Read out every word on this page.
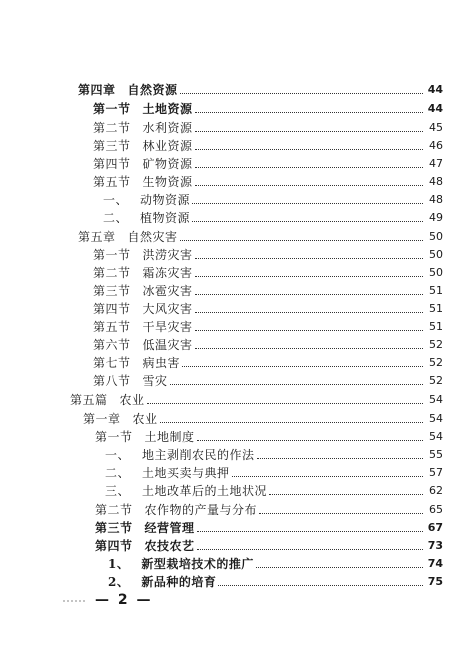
第四章 自然资源	44
第一节 土地资源	44
第二节 水利资源	45
第三节 林业资源	46
第四节 矿物资源	47
第五节 生物资源	48
一、 动物资源	48
二、 植物资源	49
第五章 自然灾害	50
第一节 洪涝灾害	50
第二节 霜冻灾害	50
第三节 冰雹灾害	51
第四节 大风灾害	51
第五节 干旱灾害	51
第六节 低温灾害	52
第七节 病虫害	52
第八节 雪灾	52
第五篇 农业	54
第一章 农业	54
第一节 土地制度	54
一、 地主剥削农民的作法	55
二、 土地买卖与典押	57
三、 土地改革后的土地状况	62
第二节 农作物的产量与分布	65
第三节 经营管理	67
第四节 农技农艺	73
1、 新型栽培技术的推广	74
2、 新品种的培育	75
— 2 —
